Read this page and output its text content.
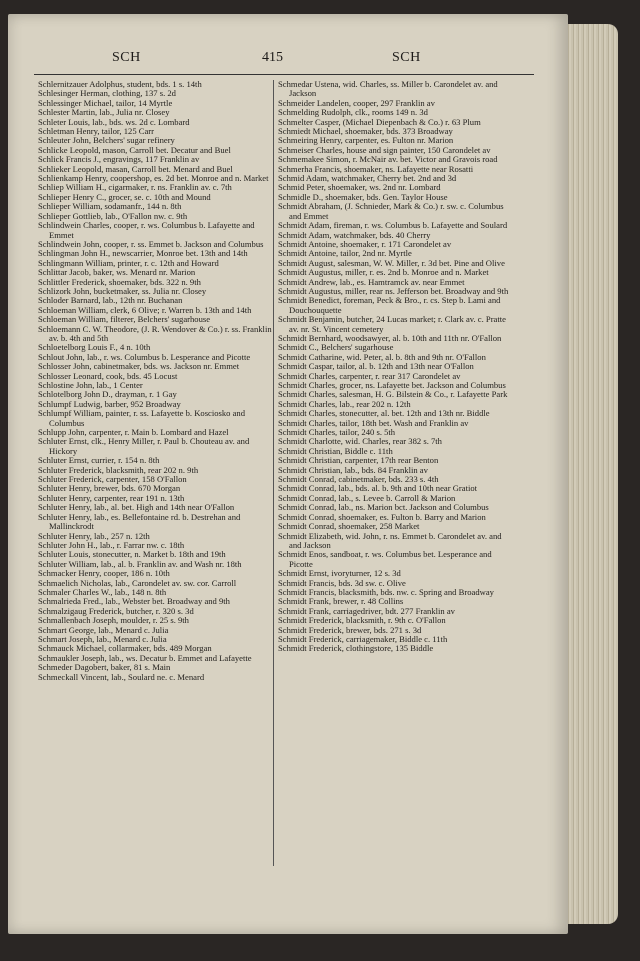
SCH	415	SCH
Schlernitzauer Adolphus, student, bds. 1 s. 14th
Schlesinger Herman, clothing, 137 s. 2d
Schlessinger Michael, tailor, 14 Myrtle
Schlester Martin, lab., Julia nr. Closey
Schleter Louis, lab., bds. ws. 2d c. Lombard
Schletman Henry, tailor, 125 Carr
Schleuter John, Belchers' sugar refinery
Schlicke Leopold, mason, Carroll bet. Decatur and Buel
Schlick Francis J., engravings, 117 Franklin av
Schlieker Leopold, masan, Carroll bet. Menard and Buel
Schlienkamp Henry, coopershop, es. 2d bet. Monroe and n. Market
Schliep William H., cigarmaker, r. ns. Franklin av. c. 7th
Schlieper Henry C., grocer, se. c. 10th and Mound
Schlieper William, sodamanfr., 144 n. 8th
Schlieper Gottlieb, lab., O'Fallon nw. c. 9th
Schlindwein Charles, cooper, r. ws. Columbus b. Lafayette and Emmet
Schlindwein John, cooper, r. ss. Emmet b. Jackson and Columbus
Schlingman John H., newscarrier, Monroe bet. 13th and 14th
Schlingmann William, printer, r. c. 12th and Howard
Schlittar Jacob, baker, ws. Menard nr. Marion
Schlittler Frederick, shoemaker, bds. 322 n. 9th
Schlizork John, bucketmaker, ss. Julia nr. Closey
Schloder Barnard, lab., 12th nr. Buchanan
Schloeman William, clerk, 6 Olive; r. Warren b. 13th and 14th
Schloeman William, filterer, Belchers' sugarhouse
Schloemann C. W. Theodore, (J. R. Wendover & Co.) r. ss. Franklin av. b. 4th and 5th
Schloetelborg Louis F., 4 n. 10th
Schlout John, lab., r. ws. Columbus b. Lesperance and Picotte
Schlosser John, cabinetmaker, bds. ws. Jackson nr. Emmet
Schlosser Leonard, cook, bds. 45 Locust
Schlostine John, lab., 1 Center
Schlotelborg John D., drayman, r. 1 Gay
Schlumpf Ludwig, barber, 952 Broadway
Schlumpf William, painter, r. ss. Lafayette b. Kosciosko and Columbus
Schlupp John, carpenter, r. Main b. Lombard and Hazel
Schluter Ernst, clk., Henry Miller, r. Paul b. Chouteau av. and Hickory
Schluter Ernst, currier, r. 154 n. 8th
Schluter Frederick, blacksmith, rear 202 n. 9th
Schluter Frederick, carpenter, 158 O'Fallon
Schluter Henry, brewer, bds. 670 Morgan
Schluter Henry, carpenter, rear 191 n. 13th
Schluter Henry, lab., al. bet. High and 14th near O'Fallon
Schluter Henry, lab., es. Bellefontaine rd. b. Destrehan and Mallinckrodt
Schluter Henry, lab., 257 n. 12th
Schluter John H., lab., r. Farrar nw. c. 18th
Schluter Louis, stonecutter, n. Market b. 18th and 19th
Schluter William, lab., al. b. Franklin av. and Wash nr. 18th
Schmacker Henry, cooper, 186 n. 10th
Schmaelich Nicholas, lab., Carondelet av. sw. cor. Carroll
Schmaler Charles W., lab., 148 n. 8th
Schmalrieda Fred., lab., Webster bet. Broadway and 9th
Schmalzigaug Frederick, butcher, r. 320 s. 3d
Schmallenbach Joseph, moulder, r. 25 s. 9th
Schmart George, lab., Menard c. Julia
Schmart Joseph, lab., Menard c. Julia
Schmauck Michael, collarmaker, bds. 489 Morgan
Schmaukler Joseph, lab., ws. Decatur b. Emmet and Lafayette
Schmeder Dagobert, baker, 81 s. Main
Schmeckall Vincent, lab., Soulard ne. c. Menard
Schmedar Ustena, wid. Charles, ss. Miller b. Carondelet av. and Jackson
Schmeider Landelen, cooper, 297 Franklin av
Schmelding Rudolph, clk., rooms 149 n. 3d
Schmelter Casper, (Michael Diepenbach & Co.) r. 63 Plum
Schmiedt Michael, shoemaker, bds. 373 Broadway
Schmeiring Henry, carpenter, es. Fulton nr. Marion
Schmeiser Charles, house and sign painter, 150 Carondelet av
Schmemakee Simon, r. McNair av. bet. Victor and Gravois road
Schmerha Francis, shoemaker, ns. Lafayette near Rosatti
Schmid Adam, watchmaker, Cherry bet. 2nd and 3d
Schmid Peter, shoemaker, ws. 2nd nr. Lombard
Schmidle D., shoemaker, bds. Gen. Taylor House
Schmidt Abraham, (J. Schnieder, Mark & Co.) r. sw. c. Columbus and Emmet
Schmidt Adam, fireman, r. ws. Columbus b. Lafayette and Soulard
Schmidt Adam, watchmaker, bds. 40 Cherry
Schmidt Antoine, shoemaker, r. 171 Carondelet av
Schmidt Antoine, tailor, 2nd nr. Myrtle
Schmidt August, salesman, W. W. Miller, r. 3d bet. Pine and Olive
Schmidt Augustus, miller, r. es. 2nd b. Monroe and n. Market
Schmidt Andrew, lab., es. Hamtramck av. near Emmet
Schmidt Augustus, miller, rear ns. Jefferson bet. Broadway and 9th
Schmidt Benedict, foreman, Peck & Bro., r. cs. Step b. Lami and Douchouquette
Schmidt Benjamin, butcher, 24 Lucas market; r. Clark av. c. Pratte av. nr. St. Vincent cemetery
Schmidt Bernhard, woodsawyer, al. b. 10th and 11th nr. O'Fallon
Schmidt C., Belchers' sugarhouse
Schmidt Catharine, wid. Peter, al. b. 8th and 9th nr. O'Fallon
Schmidt Caspar, tailor, al. b. 12th and 13th near O'Fallon
Schmidt Charles, carpenter, r. rear 317 Carondelet av
Schmidt Charles, grocer, ns. Lafayette bet. Jackson and Columbus
Schmidt Charles, salesman, H. G. Bilstein & Co., r. Lafayette Park
Schmidt Charles, lab., rear 202 n. 12th
Schmidt Charles, stonecutter, al. bet. 12th and 13th nr. Biddle
Schmidt Charles, tailor, 18th bet. Wash and Franklin av
Schmidt Charles, tailor, 240 s. 5th
Schmidt Charlotte, wid. Charles, rear 382 s. 7th
Schmidt Christian, Biddle c. 11th
Schmidt Christian, carpenter, 17th rear Benton
Schmidt Christian, lab., bds. 84 Franklin av
Schmidt Conrad, cabinetmaker, bds. 233 s. 4th
Schmidt Conrad, lab., bds. al. b. 9th and 10th near Gratiot
Schmidt Conrad, lab., s. Levee b. Carroll & Marion
Schmidt Conrad, lab., ns. Marion bct. Jackson and Columbus
Schmidt Conrad, shoemaker, es. Fulton b. Barry and Marion
Schmidt Conrad, shoemaker, 258 Market
Schmidt Elizabeth, wid. John, r. ns. Emmet b. Carondelet av. and and Jackson
Schmidt Enos, sandboat, r. ws. Columbus bet. Lesperance and Picotte
Schmidt Ernst, ivoryturner, 12 s. 3d
Schmidt Francis, bds. 3d sw. c. Olive
Schmidt Francis, blacksmith, bds. nw. c. Spring and Broadway
Schmidt Frank, brewer, r. 48 Collins
Schmidt Frank, carriagedriver, bdt. 277 Franklin av
Schmidt Frederick, blacksmith, r. 9th c. O'Fallon
Schmidt Frederick, brewer, bds. 271 s. 3d
Schmidt Frederick, carriagemaker, Biddle c. 11th
Schmidt Frederick, clothingstore, 135 Biddle
